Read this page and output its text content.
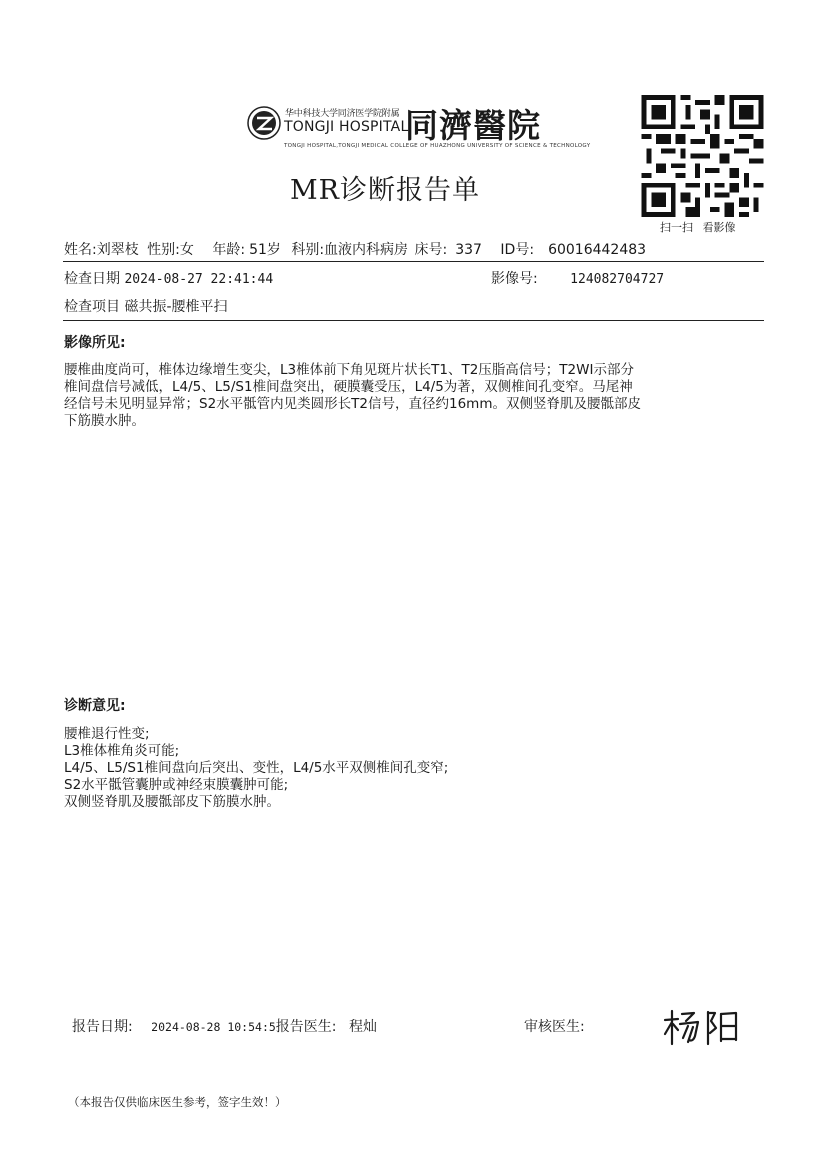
华中科技大学同济医学院附属
TONGJI HOSPITAL
同濟醫院
TONGJI HOSPITAL,TONGJI MEDICAL COLLEGE OF HUAZHONG UNIVERSITY OF SCIENCE & TECHNOLOGY
MR诊断报告单
扫一扫 看影像
姓名:刘翠枝 性别:女 年龄: 51岁 科别:血液内科病房 床号: 337 ID号: 60016442483
检查日期 2024-08-27 22:41:44	影像号: 124082704727
检查项目 磁共振-腰椎平扫
影像所见:
腰椎曲度尚可，椎体边缘增生变尖，L3椎体前下角见斑片状长T1、T2压脂高信号；T2WI示部分
椎间盘信号减低，L4/5、L5/S1椎间盘突出，硬膜囊受压，L4/5为著，双侧椎间孔变窄。马尾神
经信号未见明显异常；S2水平骶管内见类圆形长T2信号，直径约16mm。双侧竖脊肌及腰骶部皮
下筋膜水肿。
诊断意见:
腰椎退行性变;
L3椎体椎角炎可能;
L4/5、L5/S1椎间盘向后突出、变性，L4/5水平双侧椎间孔变窄;
S2水平骶管囊肿或神经束膜囊肿可能;
双侧竖脊肌及腰骶部皮下筋膜水肿。
报告日期: 2024-08-28 10:54:5报告医生: 程灿	审核医生:
（本报告仅供临床医生参考，签字生效！）
